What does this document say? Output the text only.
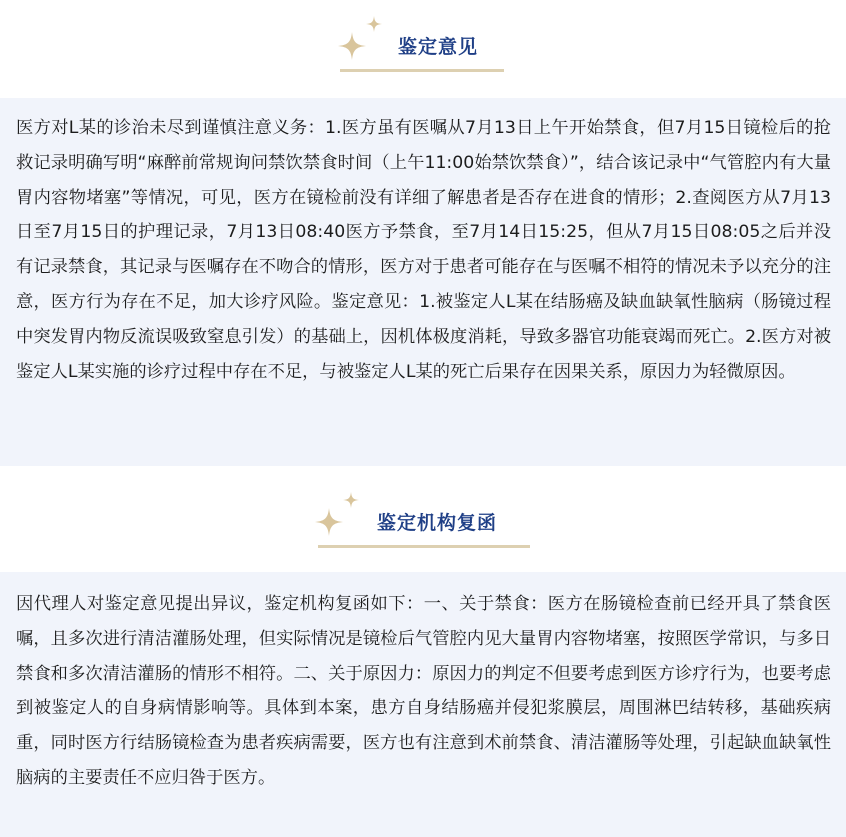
鉴定意见

医方对L某的诊治未尽到谨慎注意义务：1.医方虽有医嘱从7月13日上午开始禁食，但7月15日镜检后的抢救记录明确写明“麻醉前常规询问禁饮禁食时间（上午11:00始禁饮禁食）”，结合该记录中“气管腔内有大量胃内容物堵塞”等情况，可见，医方在镜检前没有详细了解患者是否存在进食的情形；2.查阅医方从7月13日至7月15日的护理记录，7月13日08:40医方予禁食，至7月14日15:25，但从7月15日08:05之后并没有记录禁食，其记录与医嘱存在不吻合的情形，医方对于患者可能存在与医嘱不相符的情况未予以充分的注意，医方行为存在不足，加大诊疗风险。鉴定意见：1.被鉴定人L某在结肠癌及缺血缺氧性脑病（肠镜过程中突发胃内物反流误吸致窒息引发）的基础上，因机体极度消耗，导致多器官功能衰竭而死亡。2.医方对被鉴定人L某实施的诊疗过程中存在不足，与被鉴定人L某的死亡后果存在因果关系，原因力为轻微原因。

鉴定机构复函

因代理人对鉴定意见提出异议，鉴定机构复函如下：一、关于禁食：医方在肠镜检查前已经开具了禁食医嘱，且多次进行清洁灌肠处理，但实际情况是镜检后气管腔内见大量胃内容物堵塞，按照医学常识，与多日禁食和多次清洁灌肠的情形不相符。二、关于原因力：原因力的判定不但要考虑到医方诊疗行为，也要考虑到被鉴定人的自身病情影响等。具体到本案，患方自身结肠癌并侵犯浆膜层，周围淋巴结转移，基础疾病重，同时医方行结肠镜检查为患者疾病需要，医方也有注意到术前禁食、清洁灌肠等处理，引起缺血缺氧性脑病的主要责任不应归咎于医方。
